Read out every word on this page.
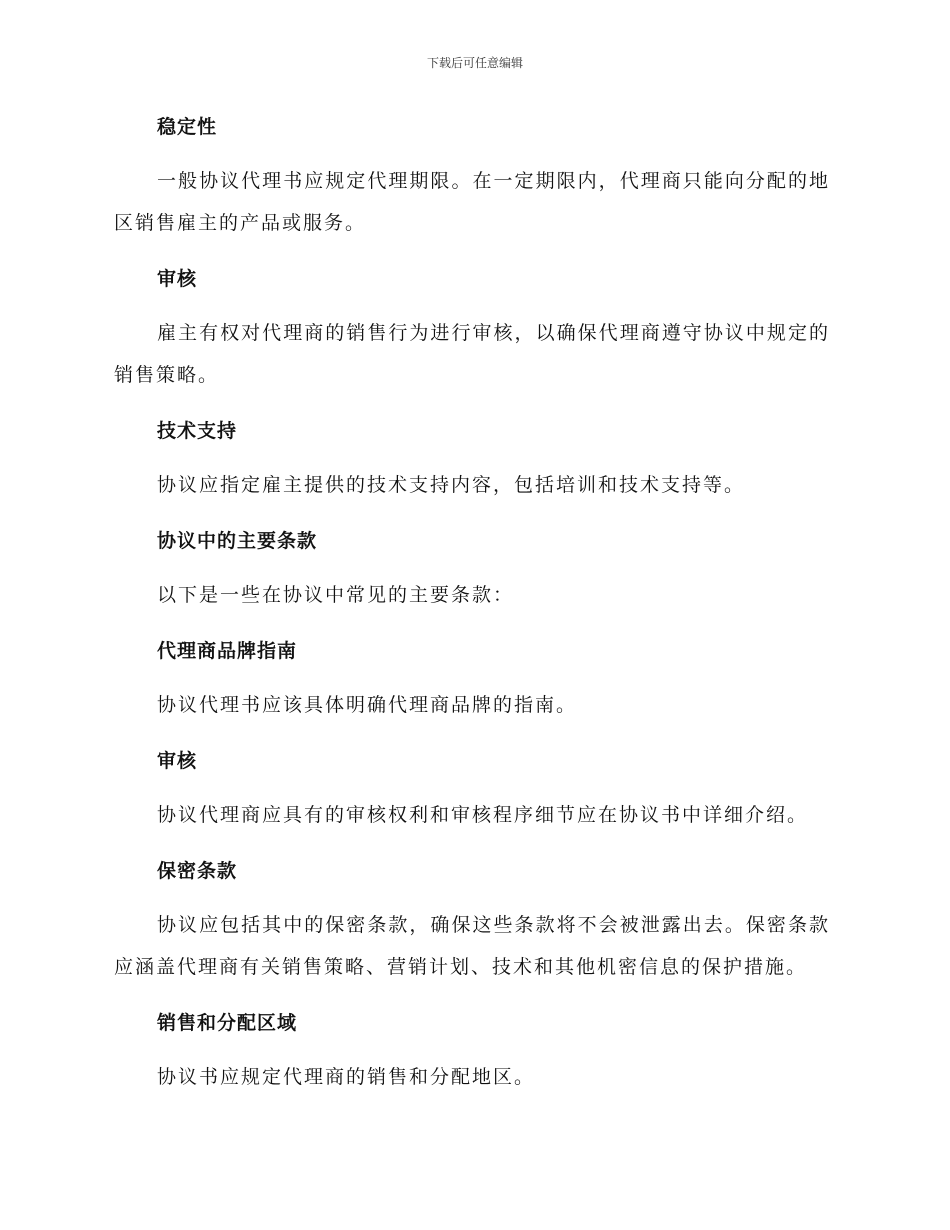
下载后可任意编辑
稳定性

一般协议代理书应规定代理期限。在一定期限内，代理商只能向分配的地区销售雇主的产品或服务。

审核

雇主有权对代理商的销售行为进行审核，以确保代理商遵守协议中规定的销售策略。

技术支持

协议应指定雇主提供的技术支持内容，包括培训和技术支持等。

协议中的主要条款

以下是一些在协议中常见的主要条款：

代理商品牌指南

协议代理书应该具体明确代理商品牌的指南。

审核

协议代理商应具有的审核权利和审核程序细节应在协议书中详细介绍。

保密条款

协议应包括其中的保密条款，确保这些条款将不会被泄露出去。保密条款应涵盖代理商有关销售策略、营销计划、技术和其他机密信息的保护措施。

销售和分配区域

协议书应规定代理商的销售和分配地区。
